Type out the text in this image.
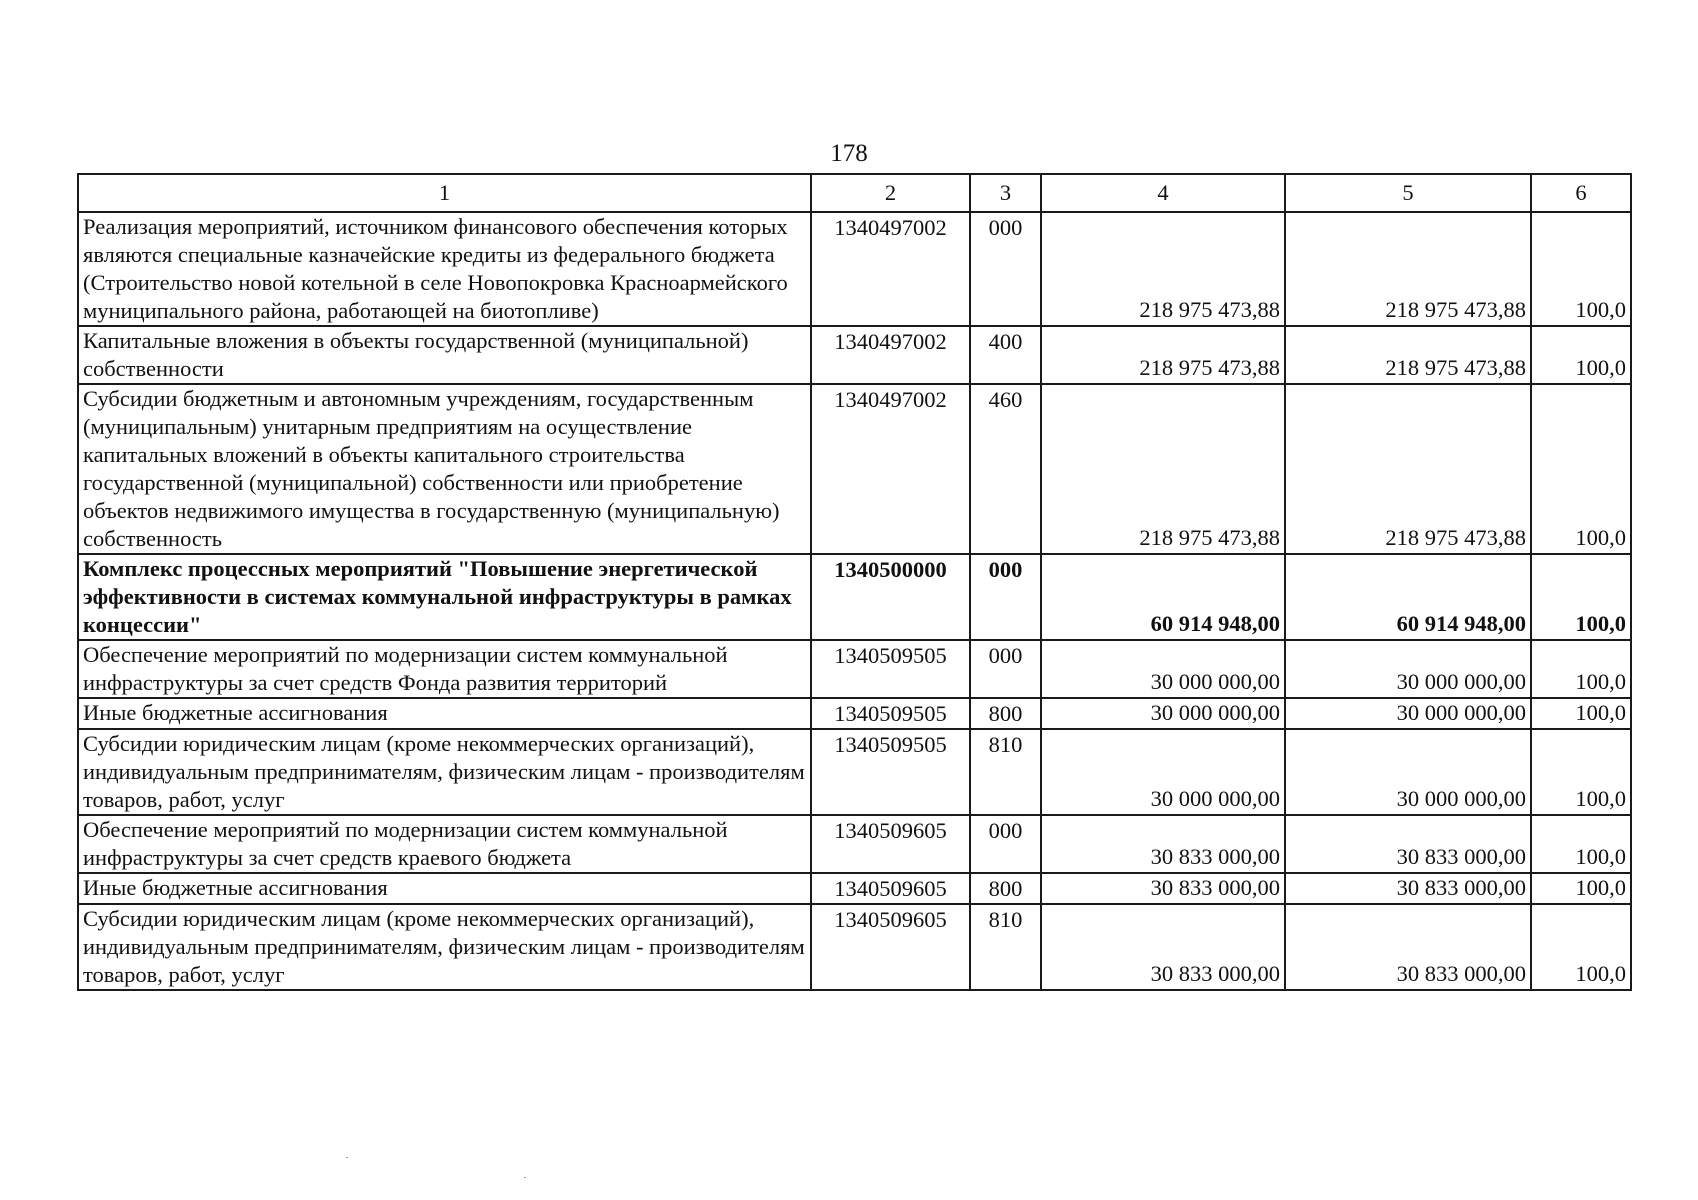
178
1	2	3	4	5	6
Реализация мероприятий, источником финансового обеспечения которых являются специальные казначейские кредиты из федерального бюджета (Строительство новой котельной в селе Новопокровка Красноармейского муниципального района, работающей на биотопливе)	1340497002	000	218 975 473,88	218 975 473,88	100,0
Капитальные вложения в объекты государственной (муниципальной) собственности	1340497002	400	218 975 473,88	218 975 473,88	100,0
Субсидии бюджетным и автономным учреждениям, государственным (муниципальным) унитарным предприятиям на осуществление капитальных вложений в объекты капитального строительства государственной (муниципальной) собственности или приобретение объектов недвижимого имущества в государственную (муниципальную) собственность	1340497002	460	218 975 473,88	218 975 473,88	100,0
Комплекс процессных мероприятий "Повышение энергетической эффективности в системах коммунальной инфраструктуры в рамках концессии"	1340500000	000	60 914 948,00	60 914 948,00	100,0
Обеспечение мероприятий по модернизации систем коммунальной инфраструктуры за счет средств Фонда развития территорий	1340509505	000	30 000 000,00	30 000 000,00	100,0
Иные бюджетные ассигнования	1340509505	800	30 000 000,00	30 000 000,00	100,0
Субсидии юридическим лицам (кроме некоммерческих организаций), индивидуальным предпринимателям, физическим лицам - производителям товаров, работ, услуг	1340509505	810	30 000 000,00	30 000 000,00	100,0
Обеспечение мероприятий по модернизации систем коммунальной инфраструктуры за счет средств краевого бюджета	1340509605	000	30 833 000,00	30 833 000,00	100,0
Иные бюджетные ассигнования	1340509605	800	30 833 000,00	30 833 000,00	100,0
Субсидии юридическим лицам (кроме некоммерческих организаций), индивидуальным предпринимателям, физическим лицам - производителям товаров, работ, услуг	1340509605	810	30 833 000,00	30 833 000,00	100,0
